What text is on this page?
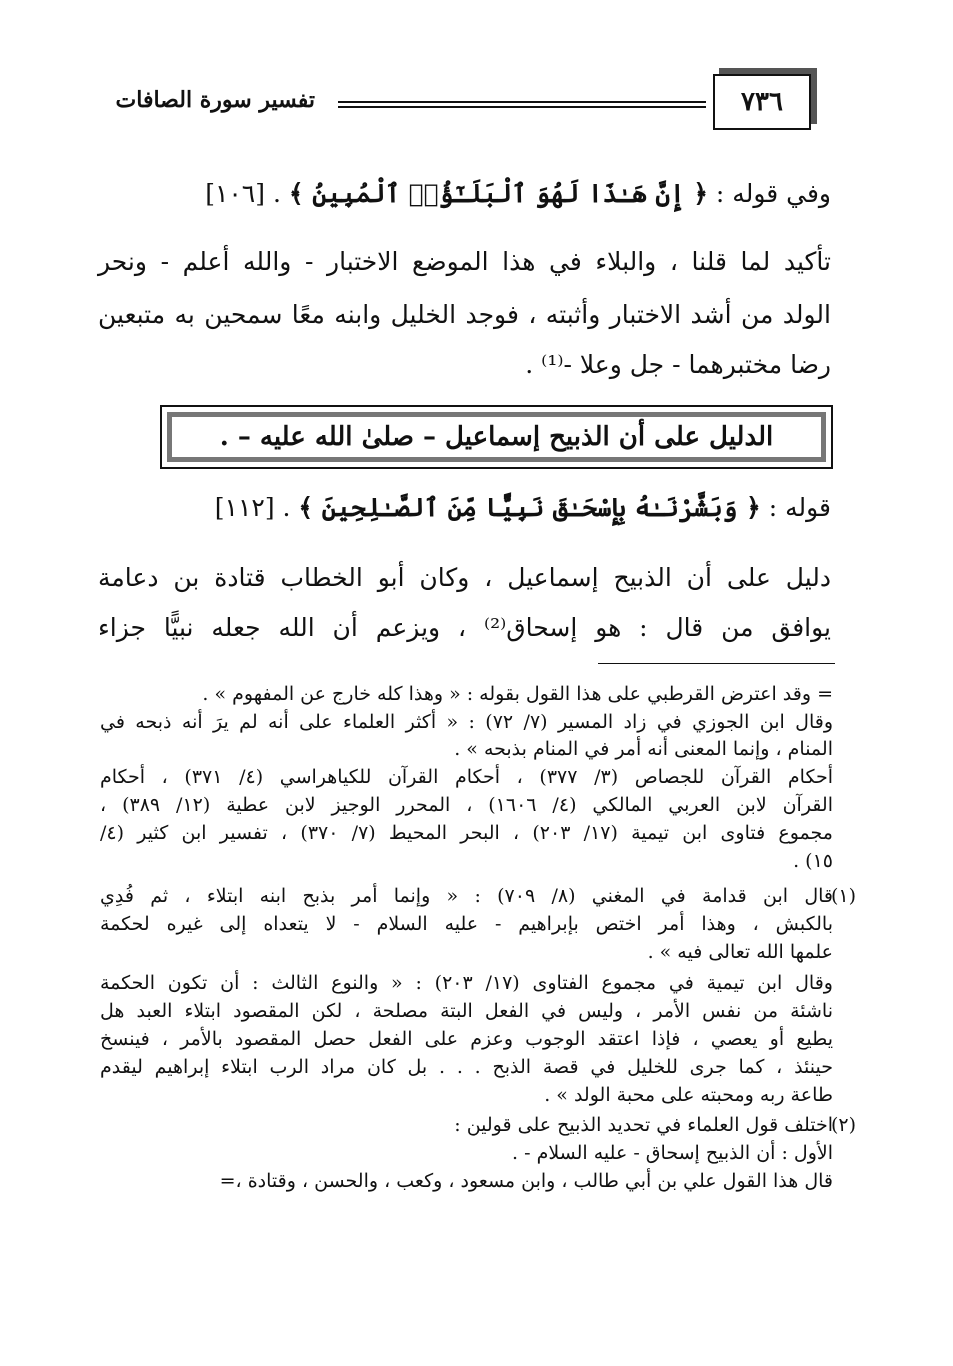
٧٣٦
تفسير سورة الصافات
وفي قوله : ﴿ إِنَّ هَـٰذَا لَهُوَ ٱلْبَلَـٰٓؤُا۟ ٱلْمُبِينُ ﴾ . [١٠٦]
تأكيد لما قلنا ، والبلاء في هذا الموضع الاختبار - والله أعلم - ونحر
الولد من أشد الاختبار وأثبته ، فوجد الخليل وابنه معًا سمحين به متبعين
رضا مختبرهما - جل وعلا -⁽¹⁾ .
الدليل على أن الذبيح إسماعيل – صلىٰ الله عليه – .
قوله : ﴿ وَبَشَّرْنَـٰهُ بِإِسْحَـٰقَ نَبِيًّا مِّنَ ٱلصَّـٰلِحِينَ ﴾ . [١١٢]
دليل على أن الذبيح إسماعيل ، وكان أبو الخطاب قتادة بن دعامة
يوافق من قال : هو إسحاق⁽²⁾ ، ويزعم أن الله جعله نبيًّا جزاء
= وقد اعترض القرطبي على هذا القول بقوله : « وهذا كله خارج عن المفهوم » .
وقال ابن الجوزي في زاد المسير (٧/ ٧٢) : « أكثر العلماء على أنه لم يرَ أنه ذبحه في
المنام ، وإنما المعنى أنه أمر في المنام بذبحه » .
أحكام القرآن للجصاص (٣/ ٣٧٧) ، أحكام القرآن للكياهراسي (٤/ ٣٧١) ، أحكام
القرآن لابن العربي المالكي (٤/ ١٦٠٦) ، المحرر الوجيز لابن عطية (١٢/ ٣٨٩) ،
مجموع فتاوى ابن تيمية (١٧/ ٢٠٣) ، البحر المحيط (٧/ ٣٧٠) ، تفسير ابن كثير (٤/
١٥) .
(١)
قال ابن قدامة في المغني (٨/ ٧٠٩) : « وإنما أمر بذبح ابنه ابتلاء ، ثم فُدِي
بالكبش ، وهذا أمر اختص بإبراهيم - عليه السلام - لا يتعداه إلى غيره لحكمة
علمها الله تعالى فيه » .
وقال ابن تيمية في مجموع الفتاوى (١٧/ ٢٠٣) : « والنوع الثالث : أن تكون الحكمة
ناشئة من نفس الأمر ، وليس في الفعل البتة مصلحة ، لكن المقصود ابتلاء العبد هل
يطيع أو يعصي ، فإذا اعتقد الوجوب وعزم على الفعل حصل المقصود بالأمر ، فينسخ
حينئذ ، كما جرى للخليل في قصة الذبح . . . بل كان مراد الرب ابتلاء إبراهيم ليقدم
طاعة ربه ومحبته على محبة الولد » .
(٢)
اختلف قول العلماء في تحديد الذبيح على قولين :
الأول : أن الذبيح إسحاق - عليه السلام - .
قال هذا القول علي بن أبي طالب ، وابن مسعود ، وكعب ، والحسن ، وقتادة ،=
